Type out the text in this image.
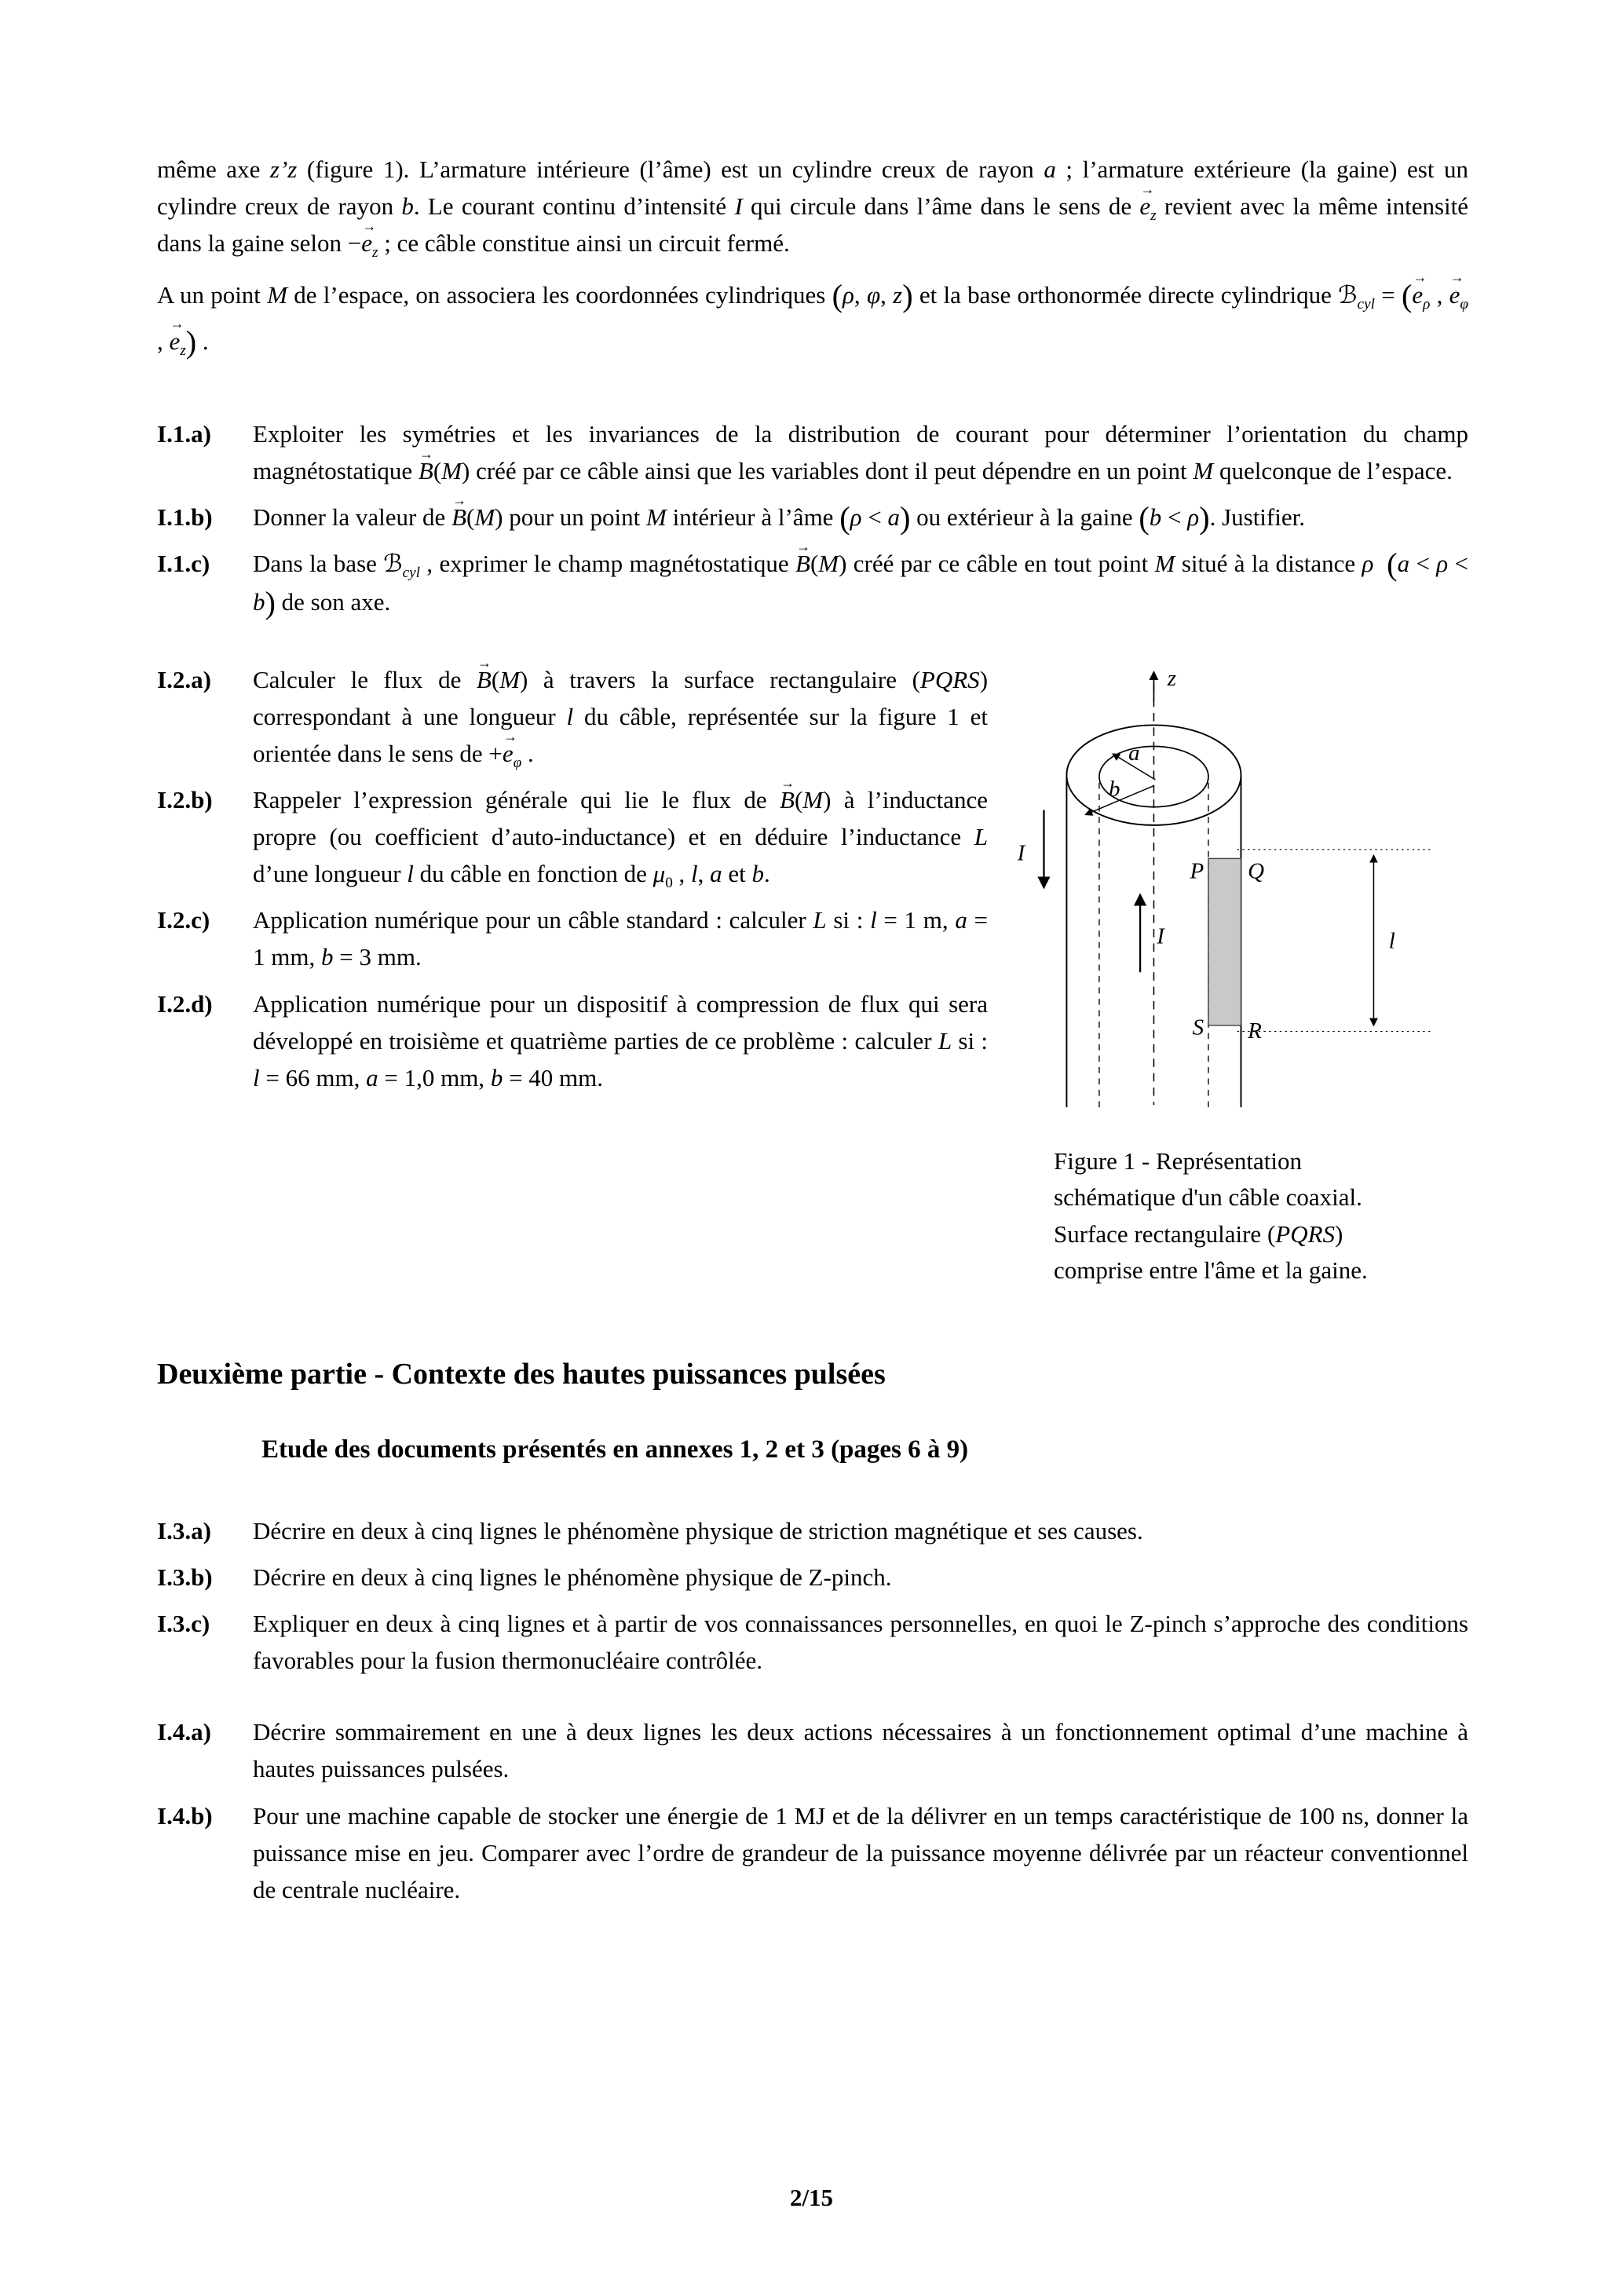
même axe z’z (figure 1). L’armature intérieure (l’âme) est un cylindre creux de rayon a ; l’armature extérieure (la gaine) est un cylindre creux de rayon b. Le courant continu d’intensité I qui circule dans l’âme dans le sens de → $e_z$ revient avec la même intensité dans la gaine selon −→ $e_z$ ; ce câble constitue ainsi un circuit fermé.

A un point M de l’espace, on associera les coordonnées cylindriques (ρ, φ, z) et la base orthonormée directe cylindrique ℬ$_{cyl}$ = (→ $e_\rho$ , → $e_\varphi$ , → $e_z$) .

I.1.a)	Exploiter les symétries et les invariances de la distribution de courant pour déterminer l’orientation du champ magnétostatique → B(M) créé par ce câble ainsi que les variables dont il peut dépendre en un point M quelconque de l’espace.
I.1.b)	Donner la valeur de → B(M) pour un point M intérieur à l’âme (ρ < a) ou extérieur à la gaine (b < ρ). Justifier.
I.1.c)	Dans la base ℬ$_{cyl}$ , exprimer le champ magnétostatique → B(M) créé par ce câble en tout point M situé à la distance ρ (a < ρ < b) de son axe.
I.2.a)	Calculer le flux de → B(M) à travers la surface rectangulaire (PQRS) correspondant à une longueur l du câble, représentée sur la figure 1 et orientée dans le sens de +→ $e_\varphi$ .
I.2.b)	Rappeler l’expression générale qui lie le flux de → B(M) à l’inductance propre (ou coefficient d’auto-inductance) et en déduire l’inductance L d’une longueur l du câble en fonction de $\mu_0$ , l, a et b.
I.2.c)	Application numérique pour un câble standard : calculer L si : l = 1 m, a = 1 mm, b = 3 mm.
I.2.d)	Application numérique pour un dispositif à compression de flux qui sera développé en troisième et quatrième parties de ce problème : calculer L si : l = 66 mm, a = 1,0 mm, b = 40 mm.
z
a
b
I
I
P Q
S R
l

Figure 1 - Représentation
schématique d'un câble coaxial.
Surface rectangulaire (PQRS)
comprise entre l'âme et la gaine.

Deuxième partie - Contexte des hautes puissances pulsées
Etude des documents présentés en annexes 1, 2 et 3 (pages 6 à 9)
I.3.a)	Décrire en deux à cinq lignes le phénomène physique de striction magnétique et ses causes.
I.3.b)	Décrire en deux à cinq lignes le phénomène physique de Z-pinch.
I.3.c)	Expliquer en deux à cinq lignes et à partir de vos connaissances personnelles, en quoi le Z-pinch s’approche des conditions favorables pour la fusion thermonucléaire contrôlée.
I.4.a)	Décrire sommairement en une à deux lignes les deux actions nécessaires à un fonctionnement optimal d’une machine à hautes puissances pulsées.
I.4.b)	Pour une machine capable de stocker une énergie de 1 MJ et de la délivrer en un temps caractéristique de 100 ns, donner la puissance mise en jeu. Comparer avec l’ordre de grandeur de la puissance moyenne délivrée par un réacteur conventionnel de centrale nucléaire.
2/15
